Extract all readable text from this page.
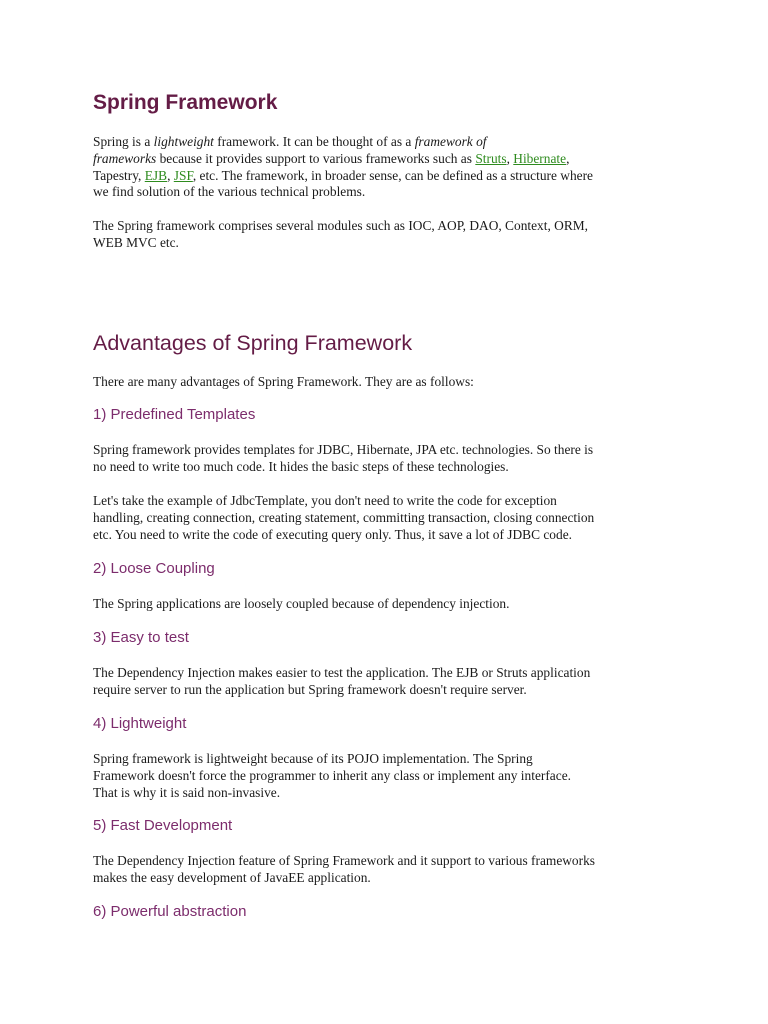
Spring Framework
Spring is a lightweight framework. It can be thought of as a framework of
frameworks because it provides support to various frameworks such as Struts, Hibernate,
Tapestry, EJB, JSF, etc. The framework, in broader sense, can be defined as a structure where
we find solution of the various technical problems.
The Spring framework comprises several modules such as IOC, AOP, DAO, Context, ORM,
WEB MVC etc.
Advantages of Spring Framework
There are many advantages of Spring Framework. They are as follows:
1) Predefined Templates
Spring framework provides templates for JDBC, Hibernate, JPA etc. technologies. So there is
no need to write too much code. It hides the basic steps of these technologies.
Let's take the example of JdbcTemplate, you don't need to write the code for exception
handling, creating connection, creating statement, committing transaction, closing connection
etc. You need to write the code of executing query only. Thus, it save a lot of JDBC code.
2) Loose Coupling
The Spring applications are loosely coupled because of dependency injection.
3) Easy to test
The Dependency Injection makes easier to test the application. The EJB or Struts application
require server to run the application but Spring framework doesn't require server.
4) Lightweight
Spring framework is lightweight because of its POJO implementation. The Spring
Framework doesn't force the programmer to inherit any class or implement any interface.
That is why it is said non-invasive.
5) Fast Development
The Dependency Injection feature of Spring Framework and it support to various frameworks
makes the easy development of JavaEE application.
6) Powerful abstraction
